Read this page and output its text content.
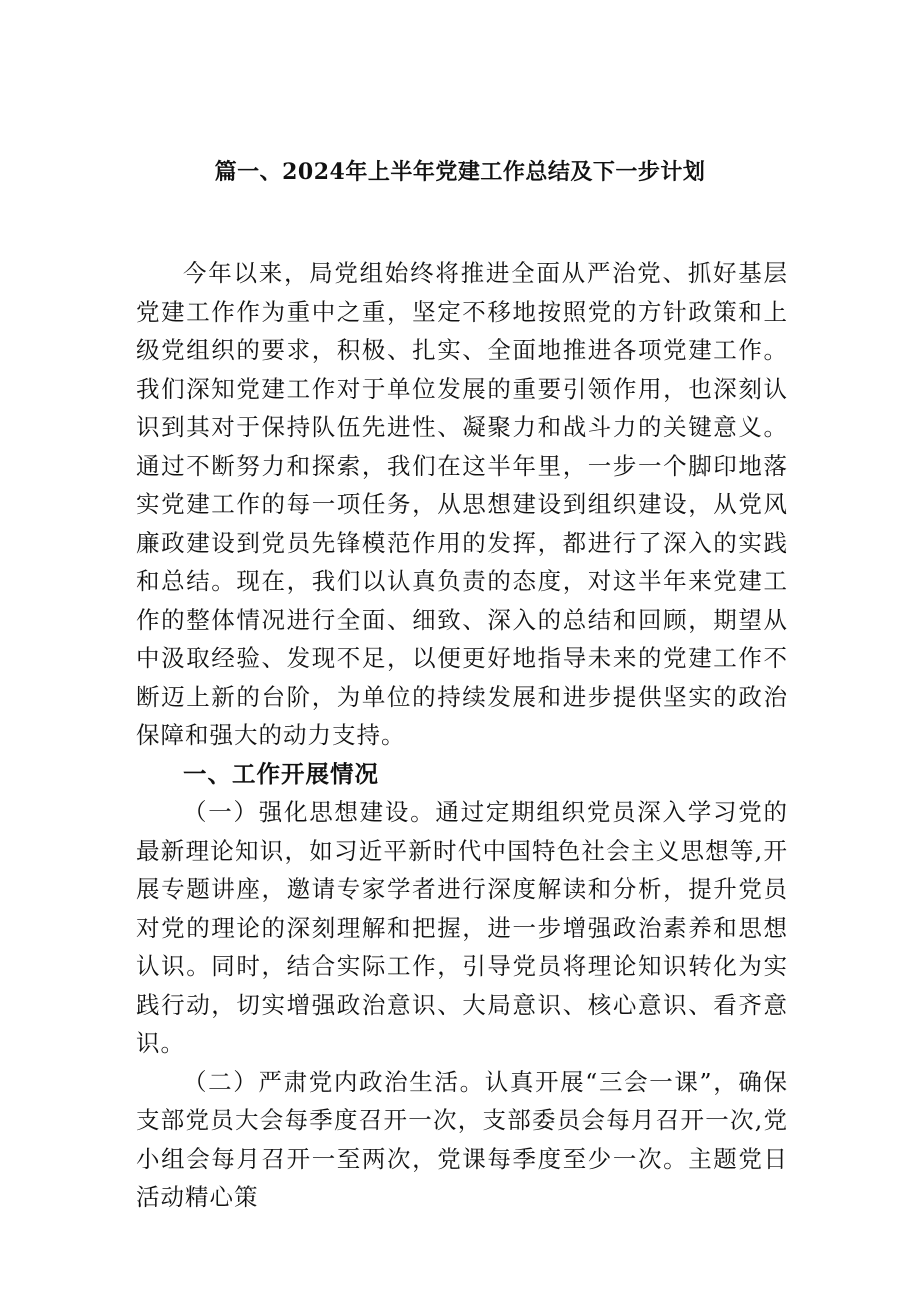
篇一、2024年上半年党建工作总结及下一步计划

今年以来，局党组始终将推进全面从严治党、抓好基层党建工作作为重中之重，坚定不移地按照党的方针政策和上级党组织的要求，积极、扎实、全面地推进各项党建工作。我们深知党建工作对于单位发展的重要引领作用，也深刻认识到其对于保持队伍先进性、凝聚力和战斗力的关键意义。通过不断努力和探索，我们在这半年里，一步一个脚印地落实党建工作的每一项任务，从思想建设到组织建设，从党风廉政建设到党员先锋模范作用的发挥，都进行了深入的实践和总结。现在，我们以认真负责的态度，对这半年来党建工作的整体情况进行全面、细致、深入的总结和回顾，期望从中汲取经验、发现不足，以便更好地指导未来的党建工作不断迈上新的台阶，为单位的持续发展和进步提供坚实的政治保障和强大的动力支持。

一、工作开展情况

（一）强化思想建设。通过定期组织党员深入学习党的最新理论知识，如习近平新时代中国特色社会主义思想等,开展专题讲座，邀请专家学者进行深度解读和分析，提升党员对党的理论的深刻理解和把握，进一步增强政治素养和思想认识。同时，结合实际工作，引导党员将理论知识转化为实践行动，切实增强政治意识、大局意识、核心意识、看齐意识。

（二）严肃党内政治生活。认真开展“三会一课”，确保支部党员大会每季度召开一次，支部委员会每月召开一次,党小组会每月召开一至两次，党课每季度至少一次。主题党日活动精心策
